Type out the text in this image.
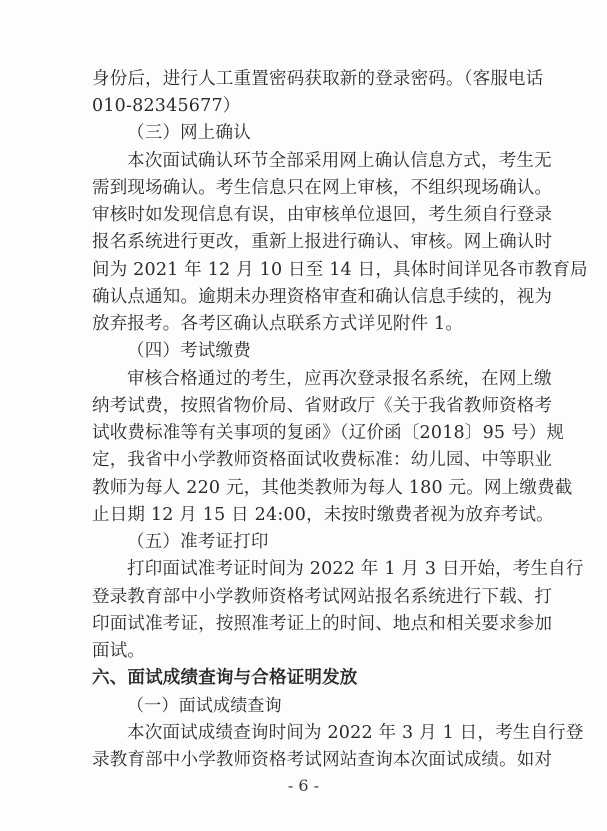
身份后，进行人工重置密码获取新的登录密码。（客服电话
010-82345677）
（三）网上确认
本次面试确认环节全部采用网上确认信息方式，考生无
需到现场确认。考生信息只在网上审核，不组织现场确认。
审核时如发现信息有误，由审核单位退回，考生须自行登录
报名系统进行更改，重新上报进行确认、审核。网上确认时
间为 2021 年 12 月 10 日至 14 日，具体时间详见各市教育局
确认点通知。逾期未办理资格审查和确认信息手续的，视为
放弃报考。各考区确认点联系方式详见附件 1。
（四）考试缴费
审核合格通过的考生，应再次登录报名系统，在网上缴
纳考试费，按照省物价局、省财政厅《关于我省教师资格考
试收费标准等有关事项的复函》（辽价函〔2018〕95 号）规
定，我省中小学教师资格面试收费标准：幼儿园、中等职业
教师为每人 220 元，其他类教师为每人 180 元。网上缴费截
止日期 12 月 15 日 24:00，未按时缴费者视为放弃考试。
（五）准考证打印
打印面试准考证时间为 2022 年 1 月 3 日开始，考生自行
登录教育部中小学教师资格考试网站报名系统进行下载、打
印面试准考证，按照准考证上的时间、地点和相关要求参加
面试。
六、面试成绩查询与合格证明发放
（一）面试成绩查询
本次面试成绩查询时间为 2022 年 3 月 1 日，考生自行登
录教育部中小学教师资格考试网站查询本次面试成绩。如对
- 6 -
